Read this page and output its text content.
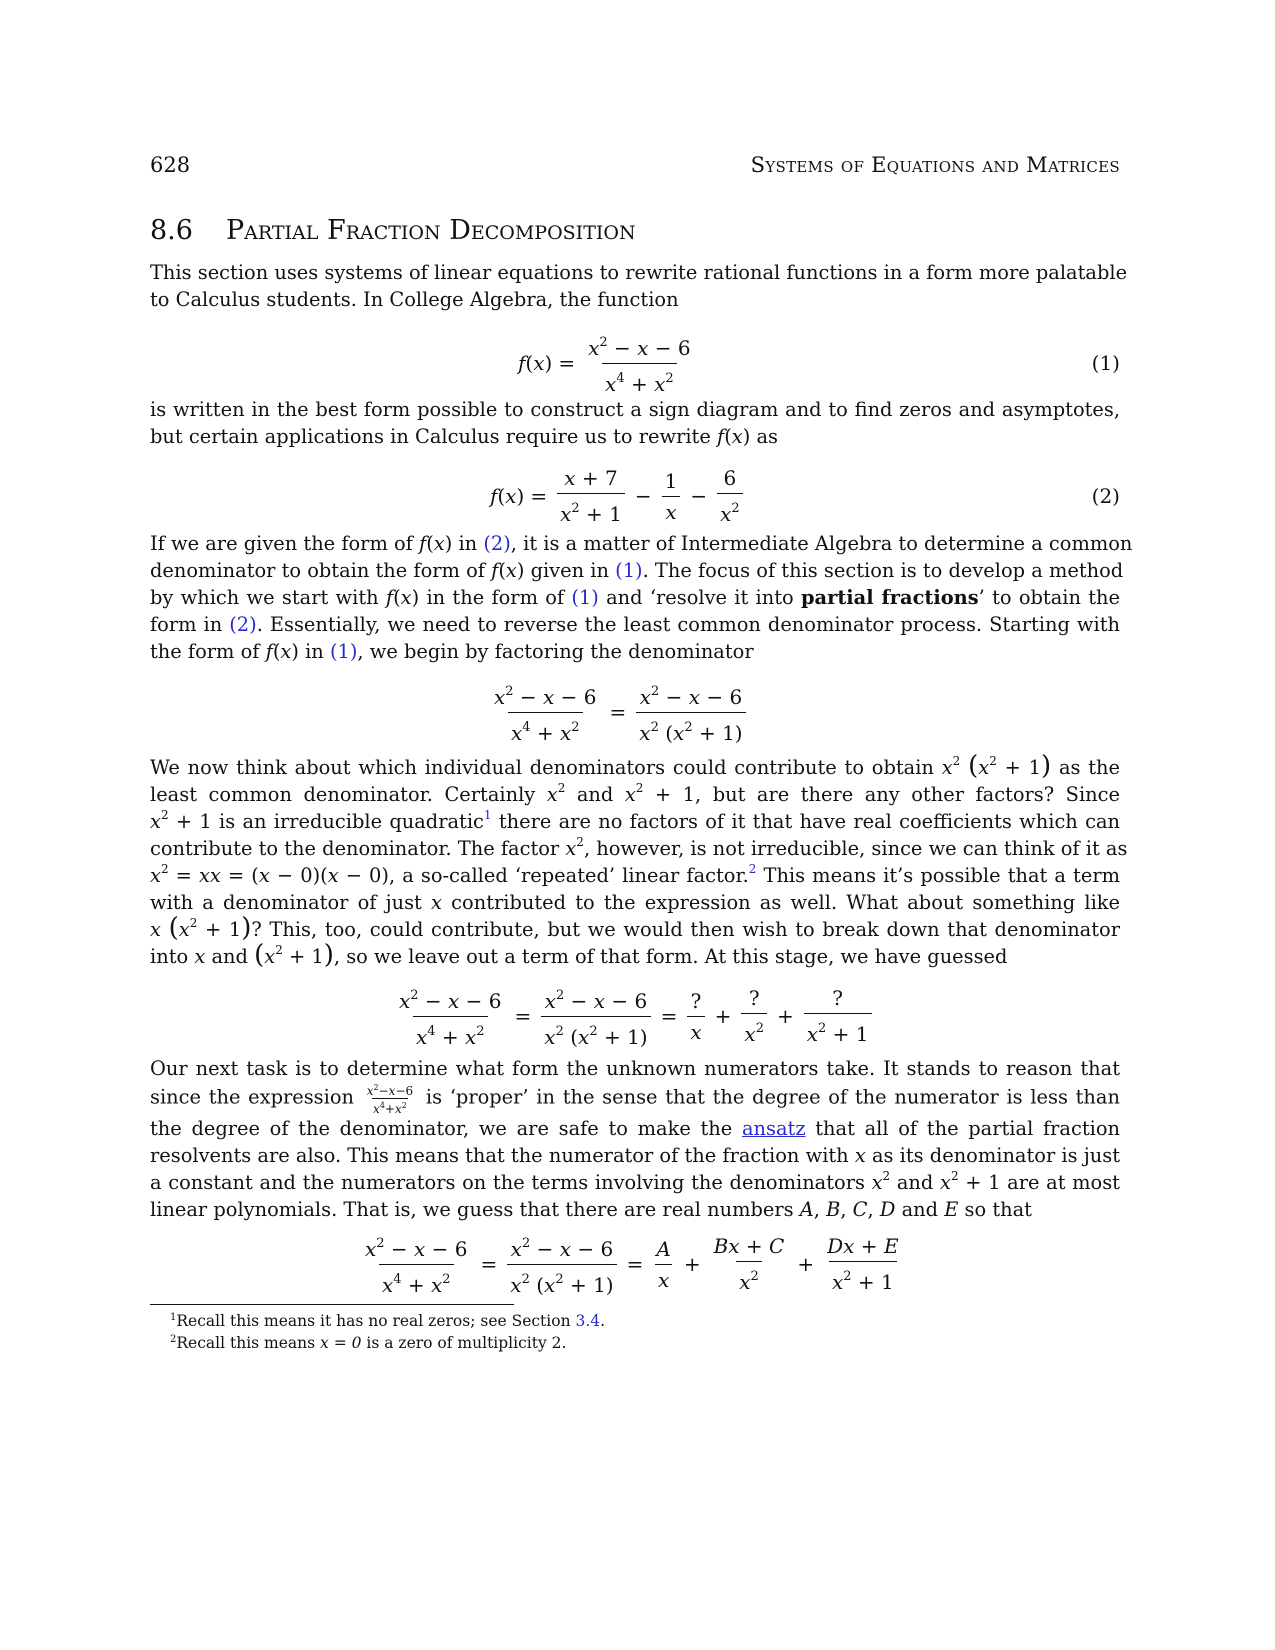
628	Systems of Equations and Matrices
8.6 Partial Fraction Decomposition

This section uses systems of linear equations to rewrite rational functions in a form more palatable
to Calculus students. In College Algebra, the function

f ( x ) = $\frac{x^2 - x - 6}{x^4 + x^2}$	(1)

is written in the best form possible to construct a sign diagram and to find zeros and asymptotes,
but certain applications in Calculus require us to rewrite f(x) as

f ( x ) = $\frac{x + 7}{x^2 + 1} - \frac{1}{x} - \frac{6}{x^2}$	(2)

If we are given the form of f(x) in (2), it is a matter of Intermediate Algebra to determine a common
denominator to obtain the form of f(x) given in (1). The focus of this section is to develop a method
by which we start with f(x) in the form of (1) and ‘resolve it into partial fractions’ to obtain the
form in (2). Essentially, we need to reverse the least common denominator process. Starting with
the form of f(x) in (1), we begin by factoring the denominator

$\frac{x^2 - x - 6}{x^4 + x^2} = \frac{x^2 - x - 6}{x^2 (x^2 + 1)}$

We now think about which individual denominators could contribute to obtain $x^2$ $(x^2 + 1)$ as the
least common denominator. Certainly $x^2$ and $x^2 + 1$, but are there any other factors? Since
$x^2 + 1$ is an irreducible quadratic$^1$ there are no factors of it that have real coefficients which can
contribute to the denominator. The factor $x^2$, however, is not irreducible, since we can think of it as
$x^2$ = xx = (x − 0)(x − 0), a so-called ‘repeated’ linear factor.$^2$ This means it’s possible that a term
with a denominator of just x contributed to the expression as well. What about something like
x $(x^2 + 1)$? This, too, could contribute, but we would then wish to break down that denominator
into x and $(x^2 + 1)$, so we leave out a term of that form. At this stage, we have guessed

$\frac{x^2 - x - 6}{x^4 + x^2} = \frac{x^2 - x - 6}{x^2 (x^2 + 1)} = \frac{?}{x} + \frac{?}{x^2} + \frac{?}{x^2 + 1}$

Our next task is to determine what form the unknown numerators take. It stands to reason that
since the expression $\frac{x^2-x-6}{x^4+x^2}$ is ‘proper’ in the sense that the degree of the numerator is less than
the degree of the denominator, we are safe to make the ansatz that all of the partial fraction
resolvents are also. This means that the numerator of the fraction with x as its denominator is just
a constant and the numerators on the terms involving the denominators $x^2$ and $x^2 + 1$ are at most
linear polynomials. That is, we guess that there are real numbers A, B, C, D and E so that

$\frac{x^2 - x - 6}{x^4 + x^2} = \frac{x^2 - x - 6}{x^2 (x^2 + 1)} = \frac{A}{x} + \frac{Bx + C}{x^2} + \frac{Dx + E}{x^2 + 1}$
$^1$Recall this means it has no real zeros; see Section 3.4.
$^2$Recall this means x = 0 is a zero of multiplicity 2.
